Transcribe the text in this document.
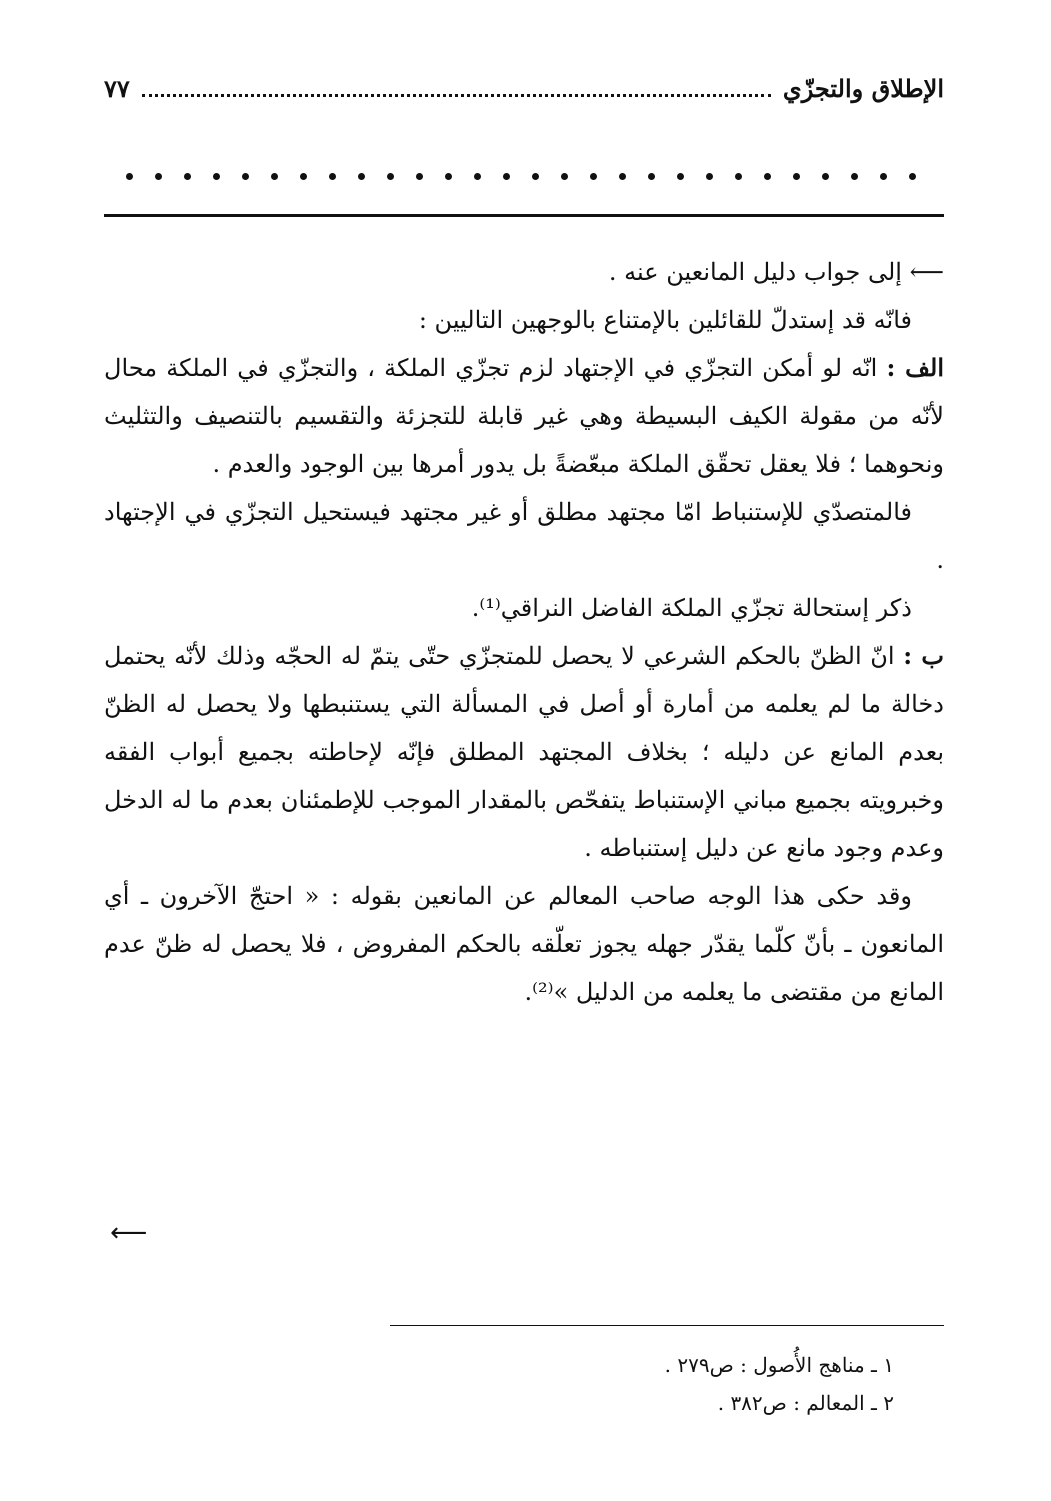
الإطلاق والتجزّي
٧٧

⟵ إلى جواب دليل المانعين عنه .

فانّه قد إستدلّ للقائلين بالإمتناع بالوجهين التاليين :

الف : انّه لو أمكن التجزّي في الإجتهاد لزم تجزّي الملكة ، والتجزّي في الملكة محال لأنّه من مقولة الكيف البسيطة وهي غير قابلة للتجزئة والتقسيم بالتنصيف والتثليث ونحوهما ؛ فلا يعقل تحقّق الملكة مبعّضةً بل يدور أمرها بين الوجود والعدم .

فالمتصدّي للإستنباط امّا مجتهد مطلق أو غير مجتهد فيستحيل التجزّي في الإجتهاد .

ذكر إستحالة تجزّي الملكة الفاضل النراقي⁽¹⁾.

ب : انّ الظنّ بالحكم الشرعي لا يحصل للمتجزّي حتّى يتمّ له الحجّه وذلك لأنّه يحتمل دخالة ما لم يعلمه من أمارة أو أصل في المسألة التي يستنبطها ولا يحصل له الظنّ بعدم المانع عن دليله ؛ بخلاف المجتهد المطلق فإنّه لإحاطته بجميع أبواب الفقه وخبرويته بجميع مباني الإستنباط يتفحّص بالمقدار الموجب للإطمئنان بعدم ما له الدخل وعدم وجود مانع عن دليل إستنباطه .

وقد حكى هذا الوجه صاحب المعالم عن المانعين بقوله : « احتجّ الآخرون ـ أي المانعون ـ بأنّ كلّما يقدّر جهله يجوز تعلّقه بالحكم المفروض ، فلا يحصل له ظنّ عدم المانع من مقتضى ما يعلمه من الدليل »⁽²⁾.

⟵

١ ـ مناهج الأُصول : ص٢٧٩ .

٢ ـ المعالم : ص٣٨٢ .
